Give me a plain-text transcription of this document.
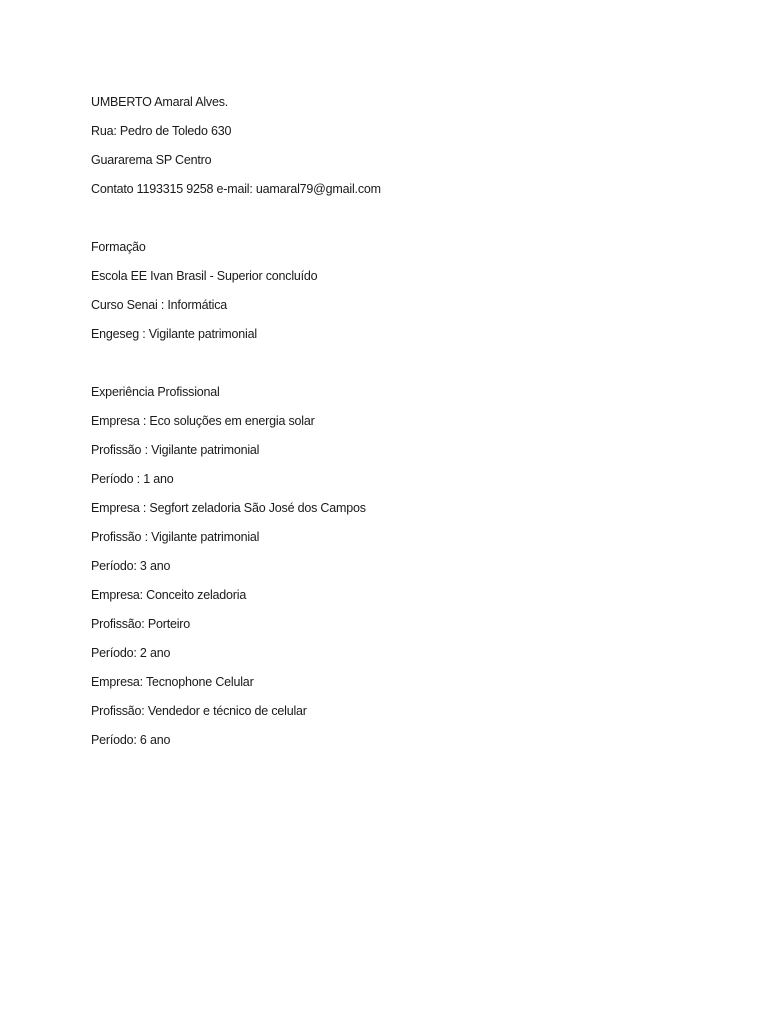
UMBERTO Amaral Alves.
Rua: Pedro de Toledo 630
Guararema SP Centro
Contato 1193315 9258 e-mail: uamaral79@gmail.com
Formação
Escola EE Ivan Brasil - Superior concluído
Curso Senai : Informática
Engeseg : Vigilante patrimonial
Experiência Profissional
Empresa : Eco soluções em energia solar
Profissão : Vigilante patrimonial
Período : 1 ano
Empresa : Segfort zeladoria São José dos Campos
Profissão : Vigilante patrimonial
Período: 3 ano
Empresa: Conceito zeladoria
Profissão: Porteiro
Período: 2 ano
Empresa: Tecnophone Celular
Profissão: Vendedor e técnico de celular
Período: 6 ano
